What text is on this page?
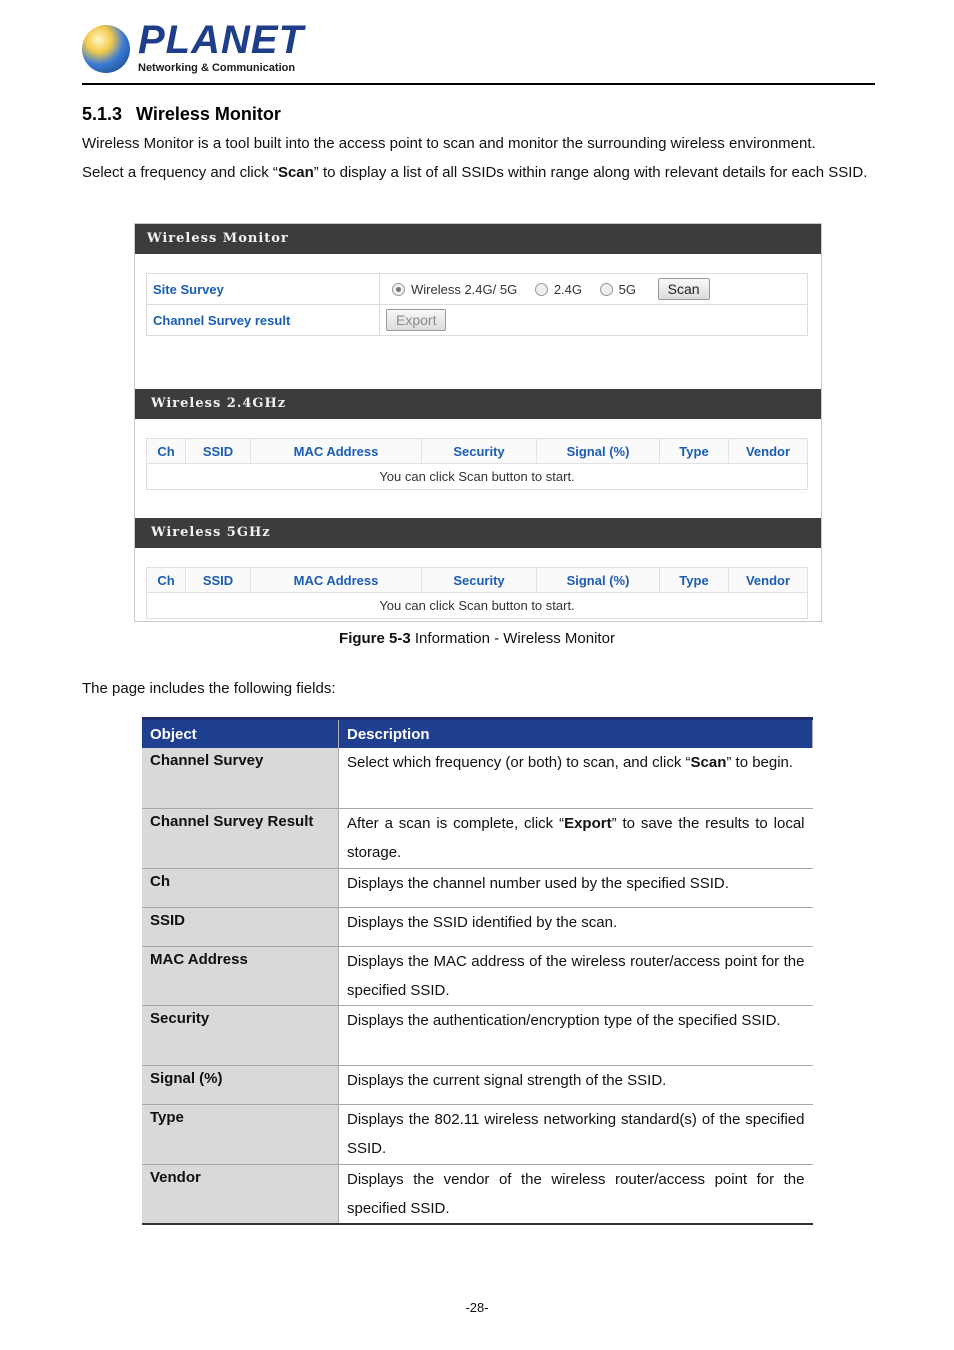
PLANET
Networking & Communication
5.1.3 Wireless Monitor
Wireless Monitor is a tool built into the access point to scan and monitor the surrounding wireless environment.
Select a frequency and click “Scan” to display a list of all SSIDs within range along with relevant details for each SSID.
Wireless Monitor
Site Survey	Wireless 2.4G/ 5G 2.4G 5G Scan
Channel Survey result	Export
Wireless 2.4GHz
Ch	SSID	MAC Address	Security	Signal (%)	Type	Vendor
You can click Scan button to start.
Wireless 5GHz
Ch	SSID	MAC Address	Security	Signal (%)	Type	Vendor
You can click Scan button to start.
Figure 5-3 Information - Wireless Monitor
The page includes the following fields:
Object	Description

Channel Survey	Select which frequency (or both) to scan, and click “Scan” to begin.

Channel Survey Result	After a scan is complete, click “Export” to save the results to local storage.

Ch	Displays the channel number used by the specified SSID.

SSID	Displays the SSID identified by the scan.

MAC Address	Displays the MAC address of the wireless router/access point for the specified SSID.

Security	Displays the authentication/encryption type of the specified SSID.

Signal (%)	Displays the current signal strength of the SSID.

Type	Displays the 802.11 wireless networking standard(s) of the specified SSID.

Vendor	Displays the vendor of the wireless router/access point for the specified SSID.
-28-
